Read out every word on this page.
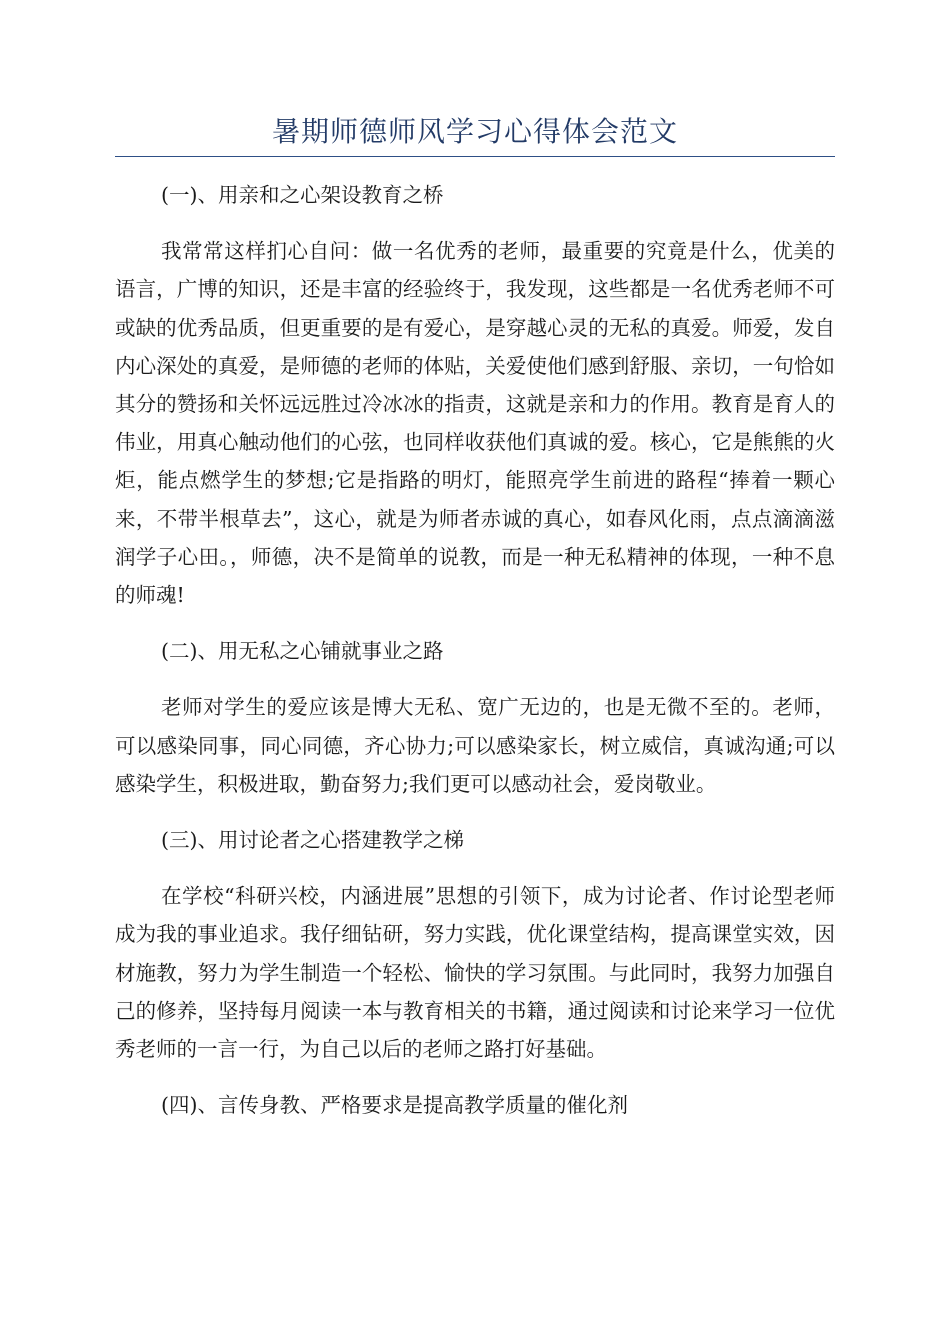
暑期师德师风学习心得体会范文

(一)、用亲和之心架设教育之桥

我常常这样扪心自问：做一名优秀的老师，最重要的究竟是什么，优美的语言，广博的知识，还是丰富的经验终于，我发现，这些都是一名优秀老师不可或缺的优秀品质，但更重要的是有爱心，是穿越心灵的无私的真爱。师爱，发自内心深处的真爱，是师德的老师的体贴，关爱使他们感到舒服、亲切，一句恰如其分的赞扬和关怀远远胜过冷冰冰的指责，这就是亲和力的作用。教育是育人的伟业，用真心触动他们的心弦，也同样收获他们真诚的爱。核心，它是熊熊的火炬，能点燃学生的梦想;它是指路的明灯，能照亮学生前进的路程“捧着一颗心来，不带半根草去”，这心，就是为师者赤诚的真心，如春风化雨，点点滴滴滋润学子心田。，师德，决不是简单的说教，而是一种无私精神的体现，一种不息的师魂!

(二)、用无私之心铺就事业之路

老师对学生的爱应该是博大无私、宽广无边的，也是无微不至的。老师，可以感染同事，同心同德，齐心协力;可以感染家长，树立威信，真诚沟通;可以感染学生，积极进取，勤奋努力;我们更可以感动社会，爱岗敬业。

(三)、用讨论者之心搭建教学之梯

在学校“科研兴校，内涵进展”思想的引领下，成为讨论者、作讨论型老师成为我的事业追求。我仔细钻研，努力实践，优化课堂结构，提高课堂实效，因材施教，努力为学生制造一个轻松、愉快的学习氛围。与此同时，我努力加强自己的修养，坚持每月阅读一本与教育相关的书籍，通过阅读和讨论来学习一位优秀老师的一言一行，为自己以后的老师之路打好基础。

(四)、言传身教、严格要求是提高教学质量的催化剂
